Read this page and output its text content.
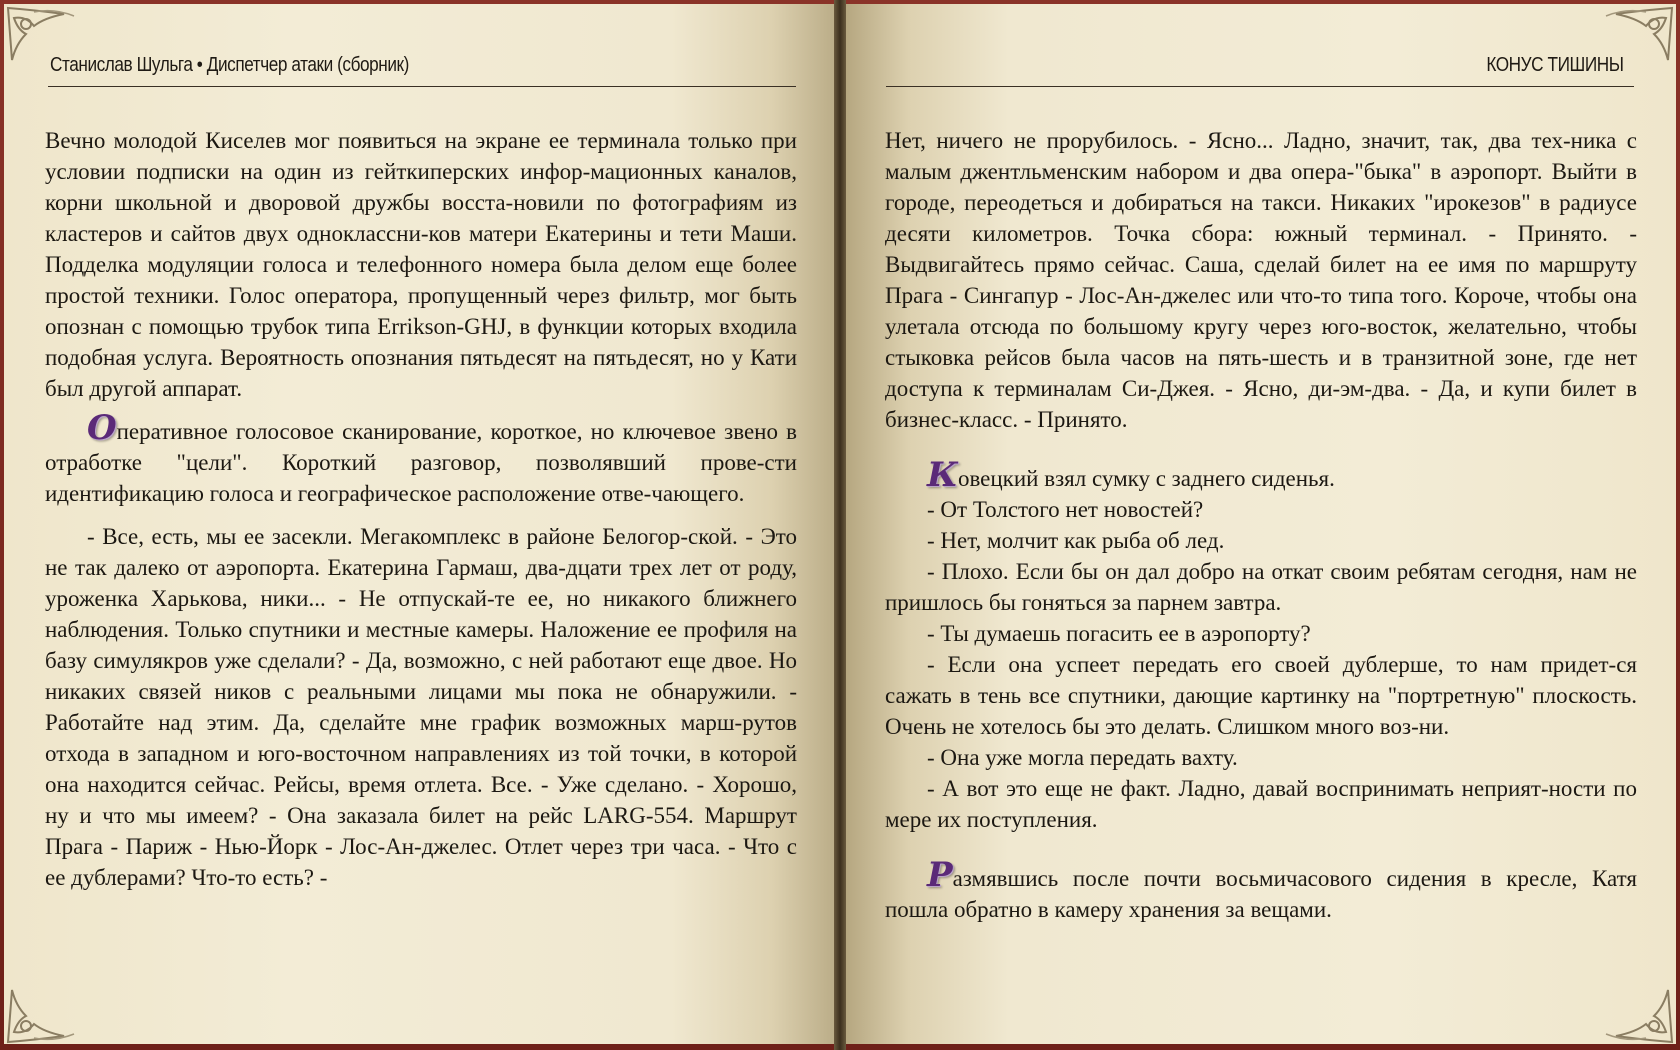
Станислав Шульга • Диспетчер атаки (сборник)

Вечно молодой Киселев мог появиться на экране ее терминала только при условии подписки на один из гейткиперских инфор-мационных каналов, корни школьной и дворовой дружбы восста-новили по фотографиям из кластеров и сайтов двух одноклассни-ков матери Екатерины и тети Маши. Подделка модуляции голоса и телефонного номера была делом еще более простой техники. Голос оператора, пропущенный через фильтр, мог быть опознан с помощью трубок типа Errikson-GHJ, в функции которых входила подобная услуга. Вероятность опознания пятьдесят на пятьдесят, но у Кати был другой аппарат.

Оперативное голосовое сканирование, короткое, но ключевое звено в отработке "цели". Короткий разговор, позволявший прове-сти идентификацию голоса и географическое расположение отве-чающего.

- Все, есть, мы ее засекли. Мегакомплекс в районе Белогор-ской. - Это не так далеко от аэропорта. Екатерина Гармаш, два-дцати трех лет от роду, уроженка Харькова, ники... - Не отпускай-те ее, но никакого ближнего наблюдения. Только спутники и местные камеры. Наложение ее профиля на базу симулякров уже сделали? - Да, возможно, с ней работают еще двое. Но никаких связей ников с реальными лицами мы пока не обнаружили. - Работайте над этим. Да, сделайте мне график возможных марш-рутов отхода в западном и юго-восточном направлениях из той точки, в которой она находится сейчас. Рейсы, время отлета. Все. - Уже сделано. - Хорошо, ну и что мы имеем? - Она заказала билет на рейс LARG-554. Маршрут Прага - Париж - Нью-Йорк - Лос-Ан-джелес. Отлет через три часа. - Что с ее дублерами? Что-то есть? -

КОНУС ТИШИНЫ

Нет, ничего не прорубилось. - Ясно... Ладно, значит, так, два тех-ника с малым джентльменским набором и два опера-"быка" в аэропорт. Выйти в городе, переодеться и добираться на такси. Никаких "ирокезов" в радиусе десяти километров. Точка сбора: южный терминал. - Принято. - Выдвигайтесь прямо сейчас. Саша, сделай билет на ее имя по маршруту Прага - Сингапур - Лос-Ан-джелес или что-то типа того. Короче, чтобы она улетала отсюда по большому кругу через юго-восток, желательно, чтобы стыковка рейсов была часов на пять-шесть и в транзитной зоне, где нет доступа к терминалам Си-Джея. - Ясно, ди-эм-два. - Да, и купи билет в бизнес-класс. - Принято.

Ковецкий взял сумку с заднего сиденья.

- От Толстого нет новостей?

- Нет, молчит как рыба об лед.

- Плохо. Если бы он дал добро на откат своим ребятам сегодня, нам не пришлось бы гоняться за парнем завтра.

- Ты думаешь погасить ее в аэропорту?

- Если она успеет передать его своей дублерше, то нам придет-ся сажать в тень все спутники, дающие картинку на "портретную" плоскость. Очень не хотелось бы это делать. Слишком много воз-ни.

- Она уже могла передать вахту.

- А вот это еще не факт. Ладно, давай воспринимать неприят-ности по мере их поступления.

Размявшись после почти восьмичасового сидения в кресле, Катя пошла обратно в камеру хранения за вещами.
